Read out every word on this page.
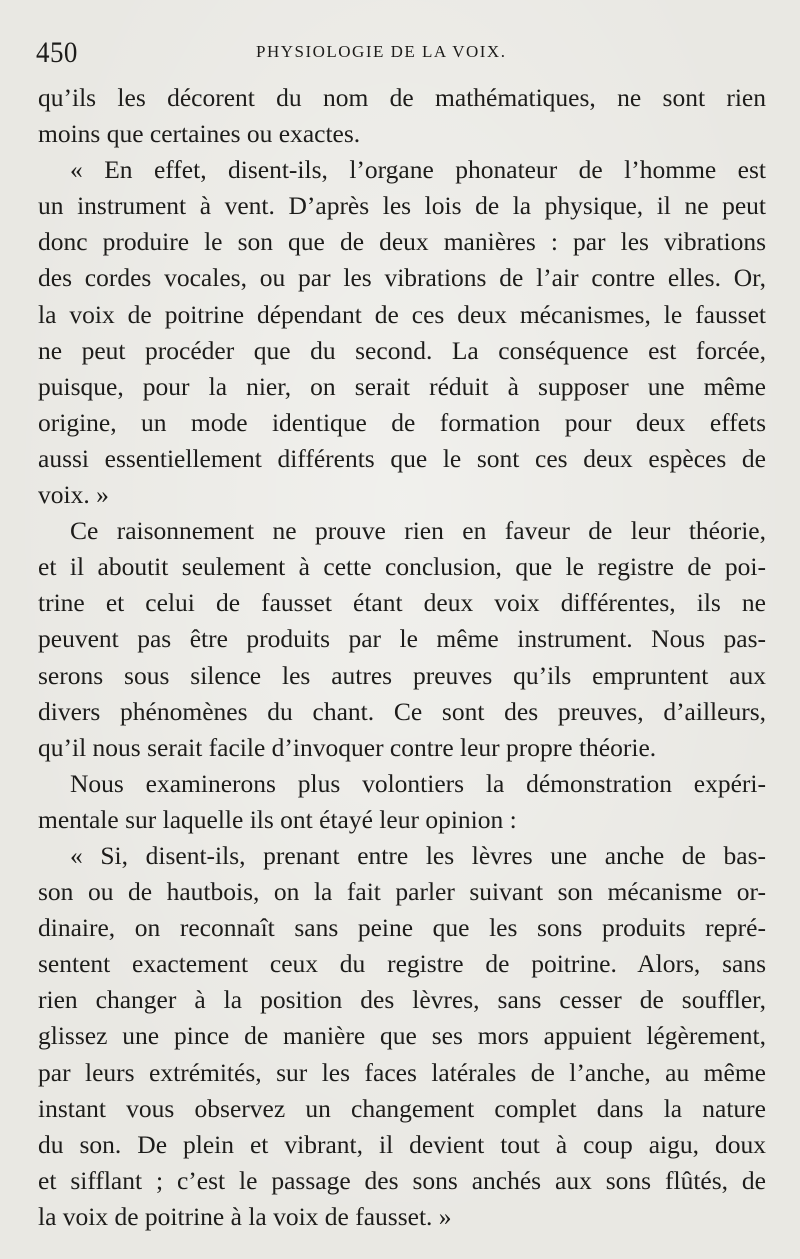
450	PHYSIOLOGIE DE LA VOIX.
qu’ils les décorent du nom de mathématiques, ne sont rien
moins que certaines ou exactes.
« En effet, disent-ils, l’organe phonateur de l’homme est
un instrument à vent. D’après les lois de la physique, il ne peut
donc produire le son que de deux manières : par les vibrations
des cordes vocales, ou par les vibrations de l’air contre elles. Or,
la voix de poitrine dépendant de ces deux mécanismes, le fausset
ne peut procéder que du second. La conséquence est forcée,
puisque, pour la nier, on serait réduit à supposer une même
origine, un mode identique de formation pour deux effets
aussi essentiellement différents que le sont ces deux espèces de
voix. »
Ce raisonnement ne prouve rien en faveur de leur théorie,
et il aboutit seulement à cette conclusion, que le registre de poi-
trine et celui de fausset étant deux voix différentes, ils ne
peuvent pas être produits par le même instrument. Nous pas-
serons sous silence les autres preuves qu’ils empruntent aux
divers phénomènes du chant. Ce sont des preuves, d’ailleurs,
qu’il nous serait facile d’invoquer contre leur propre théorie.
Nous examinerons plus volontiers la démonstration expéri-
mentale sur laquelle ils ont étayé leur opinion :
« Si, disent-ils, prenant entre les lèvres une anche de bas-
son ou de hautbois, on la fait parler suivant son mécanisme or-
dinaire, on reconnaît sans peine que les sons produits repré-
sentent exactement ceux du registre de poitrine. Alors, sans
rien changer à la position des lèvres, sans cesser de souffler,
glissez une pince de manière que ses mors appuient légèrement,
par leurs extrémités, sur les faces latérales de l’anche, au même
instant vous observez un changement complet dans la nature
du son. De plein et vibrant, il devient tout à coup aigu, doux
et sifflant ; c’est le passage des sons anchés aux sons flûtés, de
la voix de poitrine à la voix de fausset. »
